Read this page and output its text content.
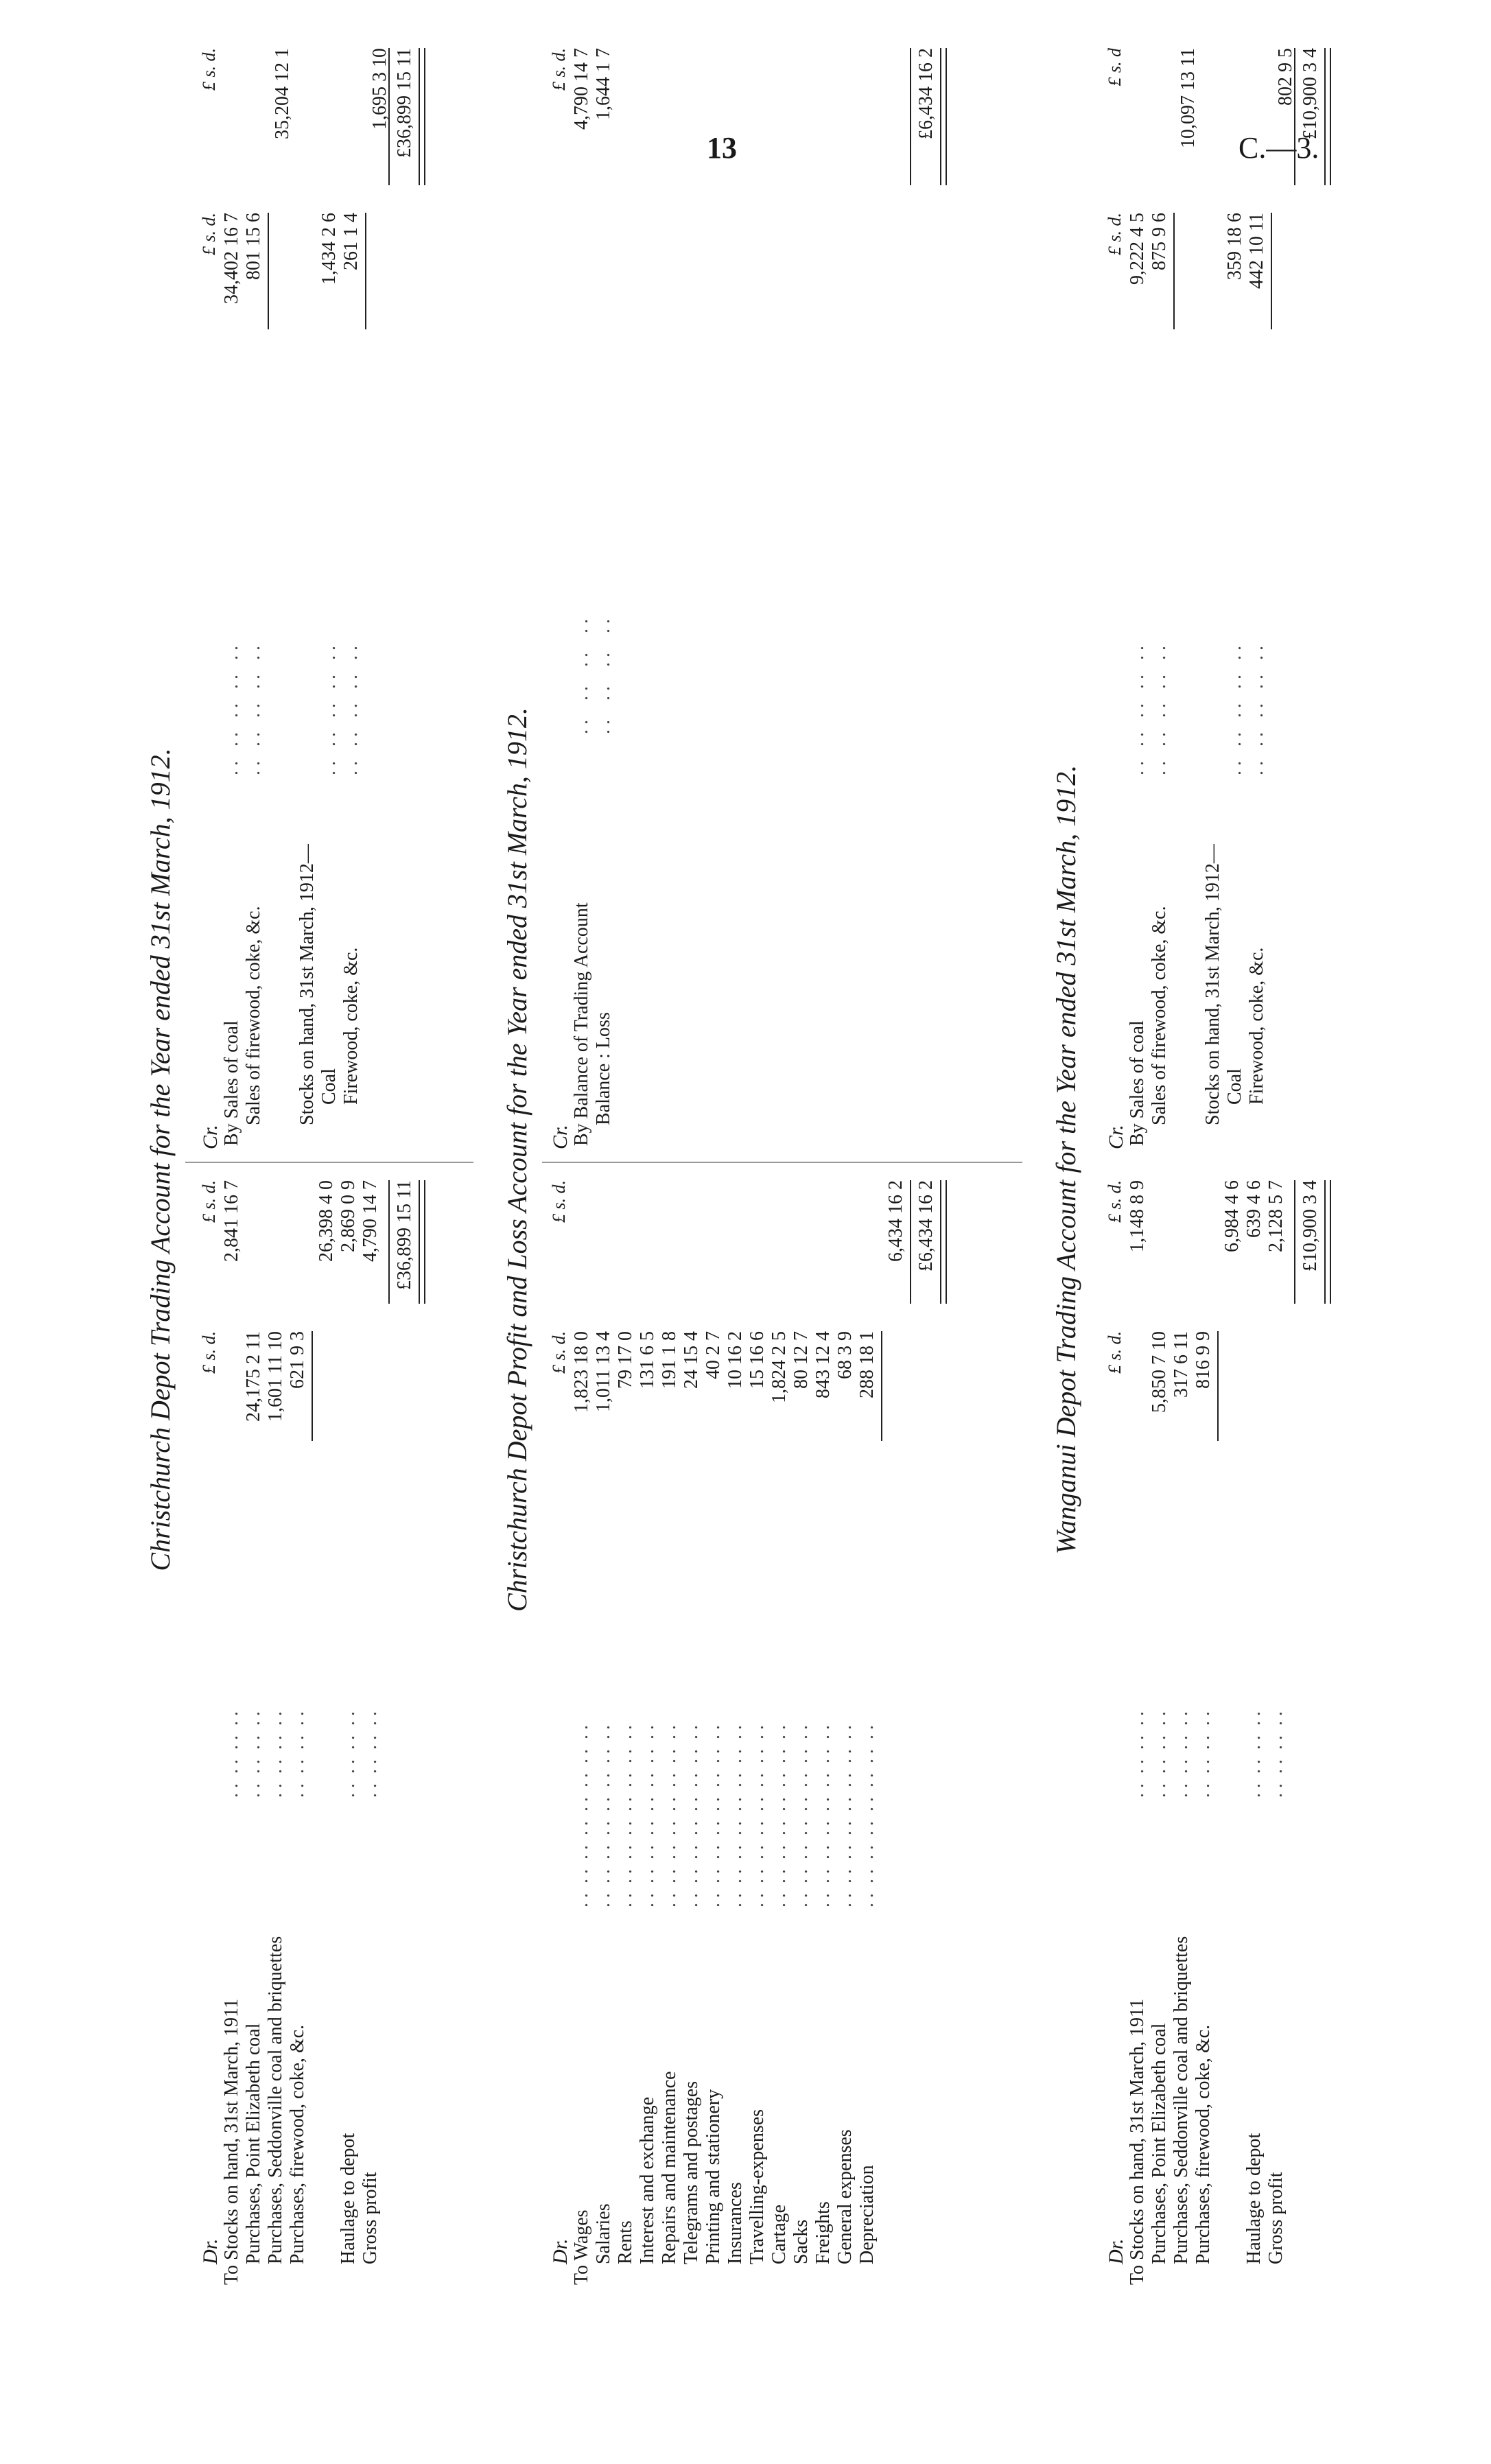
13	C.—3.
Christchurch Depot Trading Account for the Year ended 31st March, 1912.
Dr.
£ s. d.
£ s. d.
To Stocks on hand, 31st March, 1911
. .  . .  . .  . .
2,841 16 7
Purchases, Point Elizabeth coal
. .  . .  . .  . .
24,175 2 11
Purchases, Seddonville coal and briquettes
. .  . .  . .  . .
1,601 11 10
Purchases, firewood, coke, &c.
. .  . .  . .  . .
621 9 3
26,398 4 0
Haulage to depot
. .  . .  . .  . .
2,869 0 9
Gross profit
. .  . .  . .  . .
4,790 14 7 £36,899 15 11
Cr.
£ s. d.
£ s. d.
By Sales of coal
. .   . .   . .   . .   . .
34,402 16 7
Sales of firewood, coke, &c.
. .   . .   . .   . .   . .
801 15 6
35,204 12 1
Stocks on hand, 31st March, 1912— Coal
. .   . .   . .   . .   . .
1,434 2 6
Firewood, coke, &c.
. .   . .   . .   . .   . .
261 1 4
1,695 3 10 £36,899 15 11
Christchurch Depot Profit and Loss Account for the Year ended 31st March, 1912.
Dr.
£ s. d.
£ s. d.
To Wages
. .  . .  . .  . .  . .  . .  . .  . .
1,823 18 0
Salaries
. .  . .  . .  . .  . .  . .  . .  . .
1,011 13 4
Rents
. .  . .  . .  . .  . .  . .  . .  . .
79 17 0
Interest and exchange
. .  . .  . .  . .  . .  . .  . .  . .
131 6 5
Repairs and maintenance
. .  . .  . .  . .  . .  . .  . .  . .
191 1 8
Telegrams and postages
. .  . .  . .  . .  . .  . .  . .  . .
24 15 4
Printing and stationery
. .  . .  . .  . .  . .  . .  . .  . .
40 2 7
Insurances
. .  . .  . .  . .  . .  . .  . .  . .
10 16 2
Travelling-expenses
. .  . .  . .  . .  . .  . .  . .  . .
15 16 6
Cartage
. .  . .  . .  . .  . .  . .  . .  . .
1,824 2 5
Sacks
. .  . .  . .  . .  . .  . .  . .  . .
80 12 7
Freights
. .  . .  . .  . .  . .  . .  . .  . .
843 12 4
General expenses
. .  . .  . .  . .  . .  . .  . .  . .
68 3 9
Depreciation
. .  . .  . .  . .  . .  . .  . .  . .
288 18 1
6,434 16 2 £6,434 16 2
Cr.
£ s. d.
By Balance of Trading Account
. .    . .    . .    . .
4,790 14 7
Balance : Loss
. .    . .    . .    . .
1,644 1 7	£6,434 16 2
Wanganui Depot Trading Account for the Year ended 31st March, 1912.
Dr.
£ s. d.
£ s. d.
To Stocks on hand, 31st March, 1911
. .  . .  . .  . .
1,148 8 9
Purchases, Point Elizabeth coal
. .  . .  . .  . .
5,850 7 10
Purchases, Seddonville coal and briquettes
. .  . .  . .  . .
317 6 11
Purchases, firewood, coke, &c.
. .  . .  . .  . .
816 9 9
6,984 4 6
Haulage to depot
. .  . .  . .  . .
639 4 6
Gross profit
. .  . .  . .  . .
2,128 5 7 £10,900 3 4
Cr.
£ s. d.
£ s. d
By Sales of coal
. .   . .   . .   . .   . .
9,222 4 5
Sales of firewood, coke, &c.
. .   . .   . .   . .   . .
875 9 6
10,097 13 11
Stocks on hand, 31st March, 1912— Coal
. .   . .   . .   . .   . .
359 18 6
Firewood, coke, &c.
. .   . .   . .   . .   . .
442 10 11
802 9 5 £10,900 3 4
